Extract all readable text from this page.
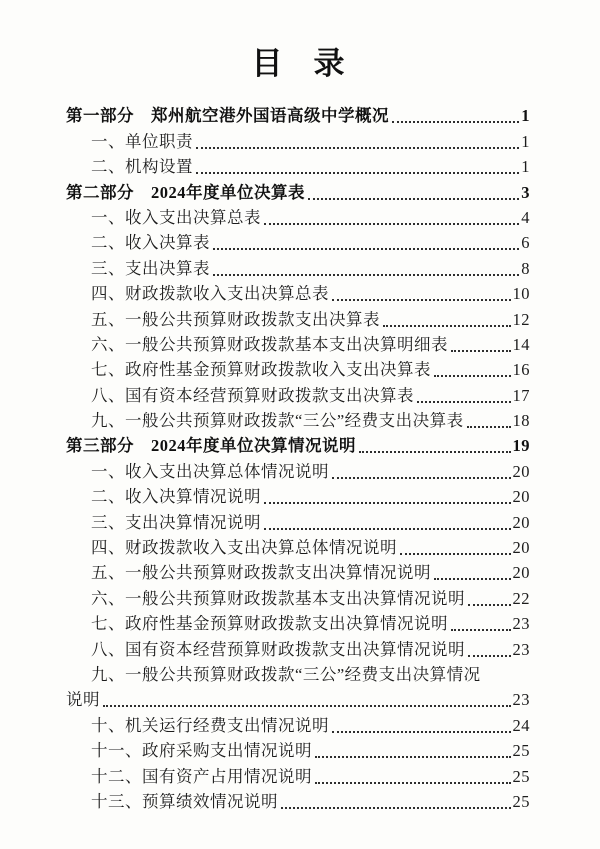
目　录
第一部分　郑州航空港外国语高级中学概况	1
一、单位职责	1
二、机构设置	1
第二部分　2024年度单位决算表	3
一、收入支出决算总表	4
二、收入决算表	6
三、支出决算表	8
四、财政拨款收入支出决算总表	10
五、一般公共预算财政拨款支出决算表	12
六、一般公共预算财政拨款基本支出决算明细表	14
七、政府性基金预算财政拨款收入支出决算表	16
八、国有资本经营预算财政拨款支出决算表	17
九、一般公共预算财政拨款“三公”经费支出决算表	18
第三部分　2024年度单位决算情况说明	19
一、收入支出决算总体情况说明	20
二、收入决算情况说明	20
三、支出决算情况说明	20
四、财政拨款收入支出决算总体情况说明	20
五、一般公共预算财政拨款支出决算情况说明	20
六、一般公共预算财政拨款基本支出决算情况说明	22
七、政府性基金预算财政拨款支出决算情况说明	23
八、国有资本经营预算财政拨款支出决算情况说明	23
九、一般公共预算财政拨款“三公”经费支出决算情况
说明	23
十、机关运行经费支出情况说明	24
十一、政府采购支出情况说明	25
十二、国有资产占用情况说明	25
十三、预算绩效情况说明	25
